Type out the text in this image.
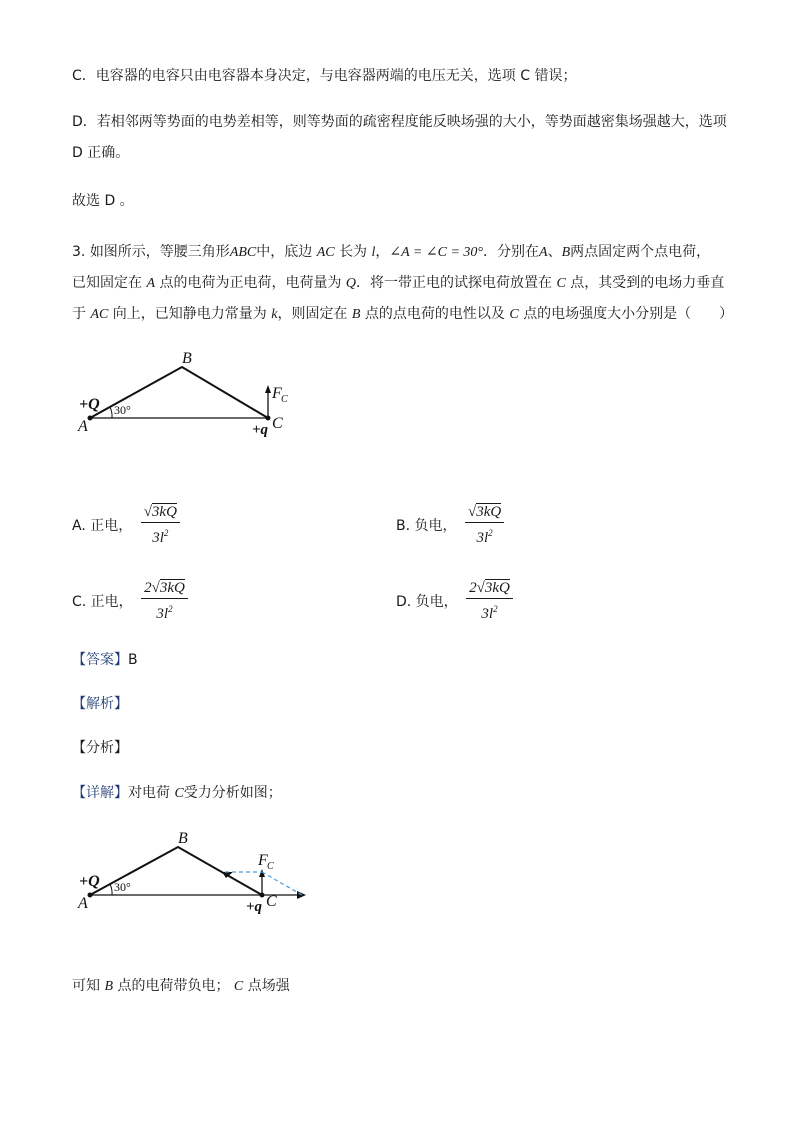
C．电容器的电容只由电容器本身决定，与电容器两端的电压无关，选项 C 错误；
D．若相邻两等势面的电势差相等，则等势面的疏密程度能反映场强的大小，等势面越密集场强越大，选项
D 正确。
故选 D 。
3. 如图所示，等腰三角形ABC中，底边 AC 长为 l，∠A = ∠C = 30°．分别在A、B两点固定两个点电荷，
已知固定在 A 点的电荷为正电荷，电荷量为 Q．将一带正电的试探电荷放置在 C 点，其受到的电场力垂直
于 AC 向上，已知静电力常量为 k，则固定在 B 点的点电荷的电性以及 C 点的电场强度大小分别是（　　）
B
A	C
+Q 30°
F C
+q
A. 正电， $\frac{√3kQ}{3l^2}$	B. 负电， $\frac{√3kQ}{3l^2}$
C. 正电， $\frac{2√3kQ}{3l^2}$	D. 负电， $\frac{2√3kQ}{3l^2}$
【答案】B
【解析】
【分析】
【详解】对电荷 C受力分析如图；
B
A	C
+Q 30°
F C
+q
可知 B 点的电荷带负电； C 点场强
